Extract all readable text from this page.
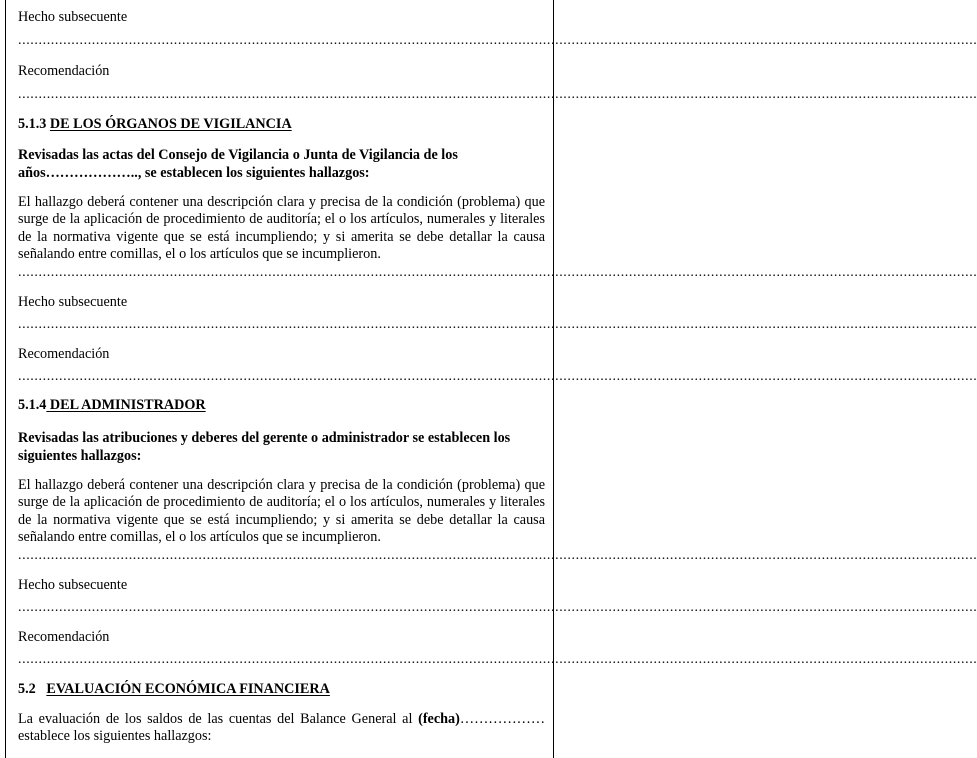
Hecho subsecuente
..........................................................................................................................................................................................................................................
Recomendación
..........................................................................................................................................................................................................................................
5.1.3 DE LOS ÓRGANOS DE VIGILANCIA
Revisadas las actas del Consejo de Vigilancia o Junta de Vigilancia de los
años……………….., se establecen los siguientes hallazgos:
El hallazgo deberá contener una descripción clara y precisa de la condición (problema) que surge de la aplicación de procedimiento de auditoría; el o los artículos, numerales y literales de la normativa vigente que se está incumpliendo; y si amerita se debe detallar la causa señalando entre comillas, el o los artículos que se incumplieron.
..........................................................................................................................................................................................................................................
Hecho subsecuente
..........................................................................................................................................................................................................................................
Recomendación
..........................................................................................................................................................................................................................................
5.1.4 DEL ADMINISTRADOR
Revisadas las atribuciones y deberes del gerente o administrador se establecen los
siguientes hallazgos:
El hallazgo deberá contener una descripción clara y precisa de la condición (problema) que surge de la aplicación de procedimiento de auditoría; el o los artículos, numerales y literales de la normativa vigente que se está incumpliendo; y si amerita se debe detallar la causa señalando entre comillas, el o los artículos que se incumplieron.
..........................................................................................................................................................................................................................................
Hecho subsecuente
..........................................................................................................................................................................................................................................
Recomendación
..........................................................................................................................................................................................................................................
5.2 EVALUACIÓN ECONÓMICA FINANCIERA
La evaluación de los saldos de las cuentas del Balance General al (fecha)……………… establece los siguientes hallazgos:
